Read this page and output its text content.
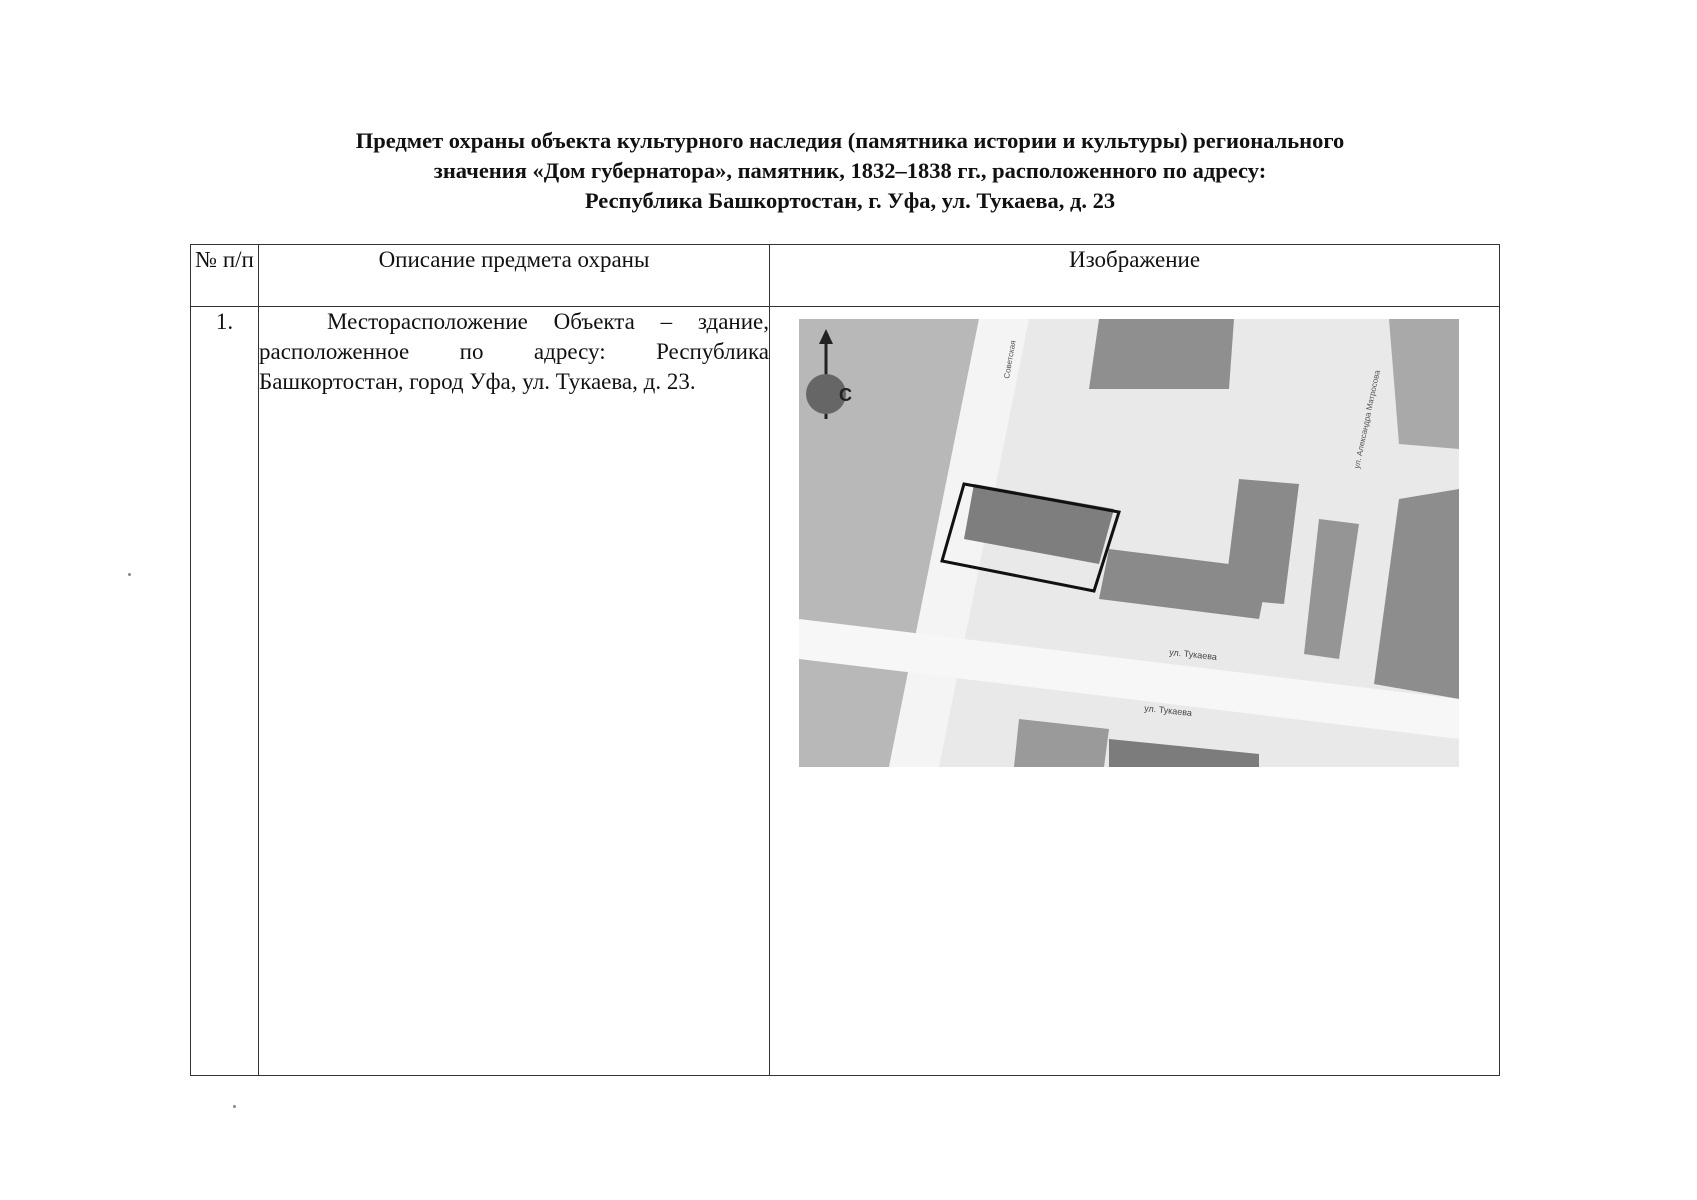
Предмет охраны объекта культурного наследия (памятника истории и культуры) регионального
значения «Дом губернатора», памятник, 1832–1838 гг., расположенного по адресу:
Республика Башкортостан, г. Уфа, ул. Тукаева, д. 23
№ п/п	Описание предмета охраны	Изображение
1.	Месторасположение Объекта – здание, расположенное по адресу: Республика Башкортостан, город Уфа, ул. Тукаева, д. 23.	С
Советская
ул. Александра Матросова
ул. Тукаева
ул. Тукаева
